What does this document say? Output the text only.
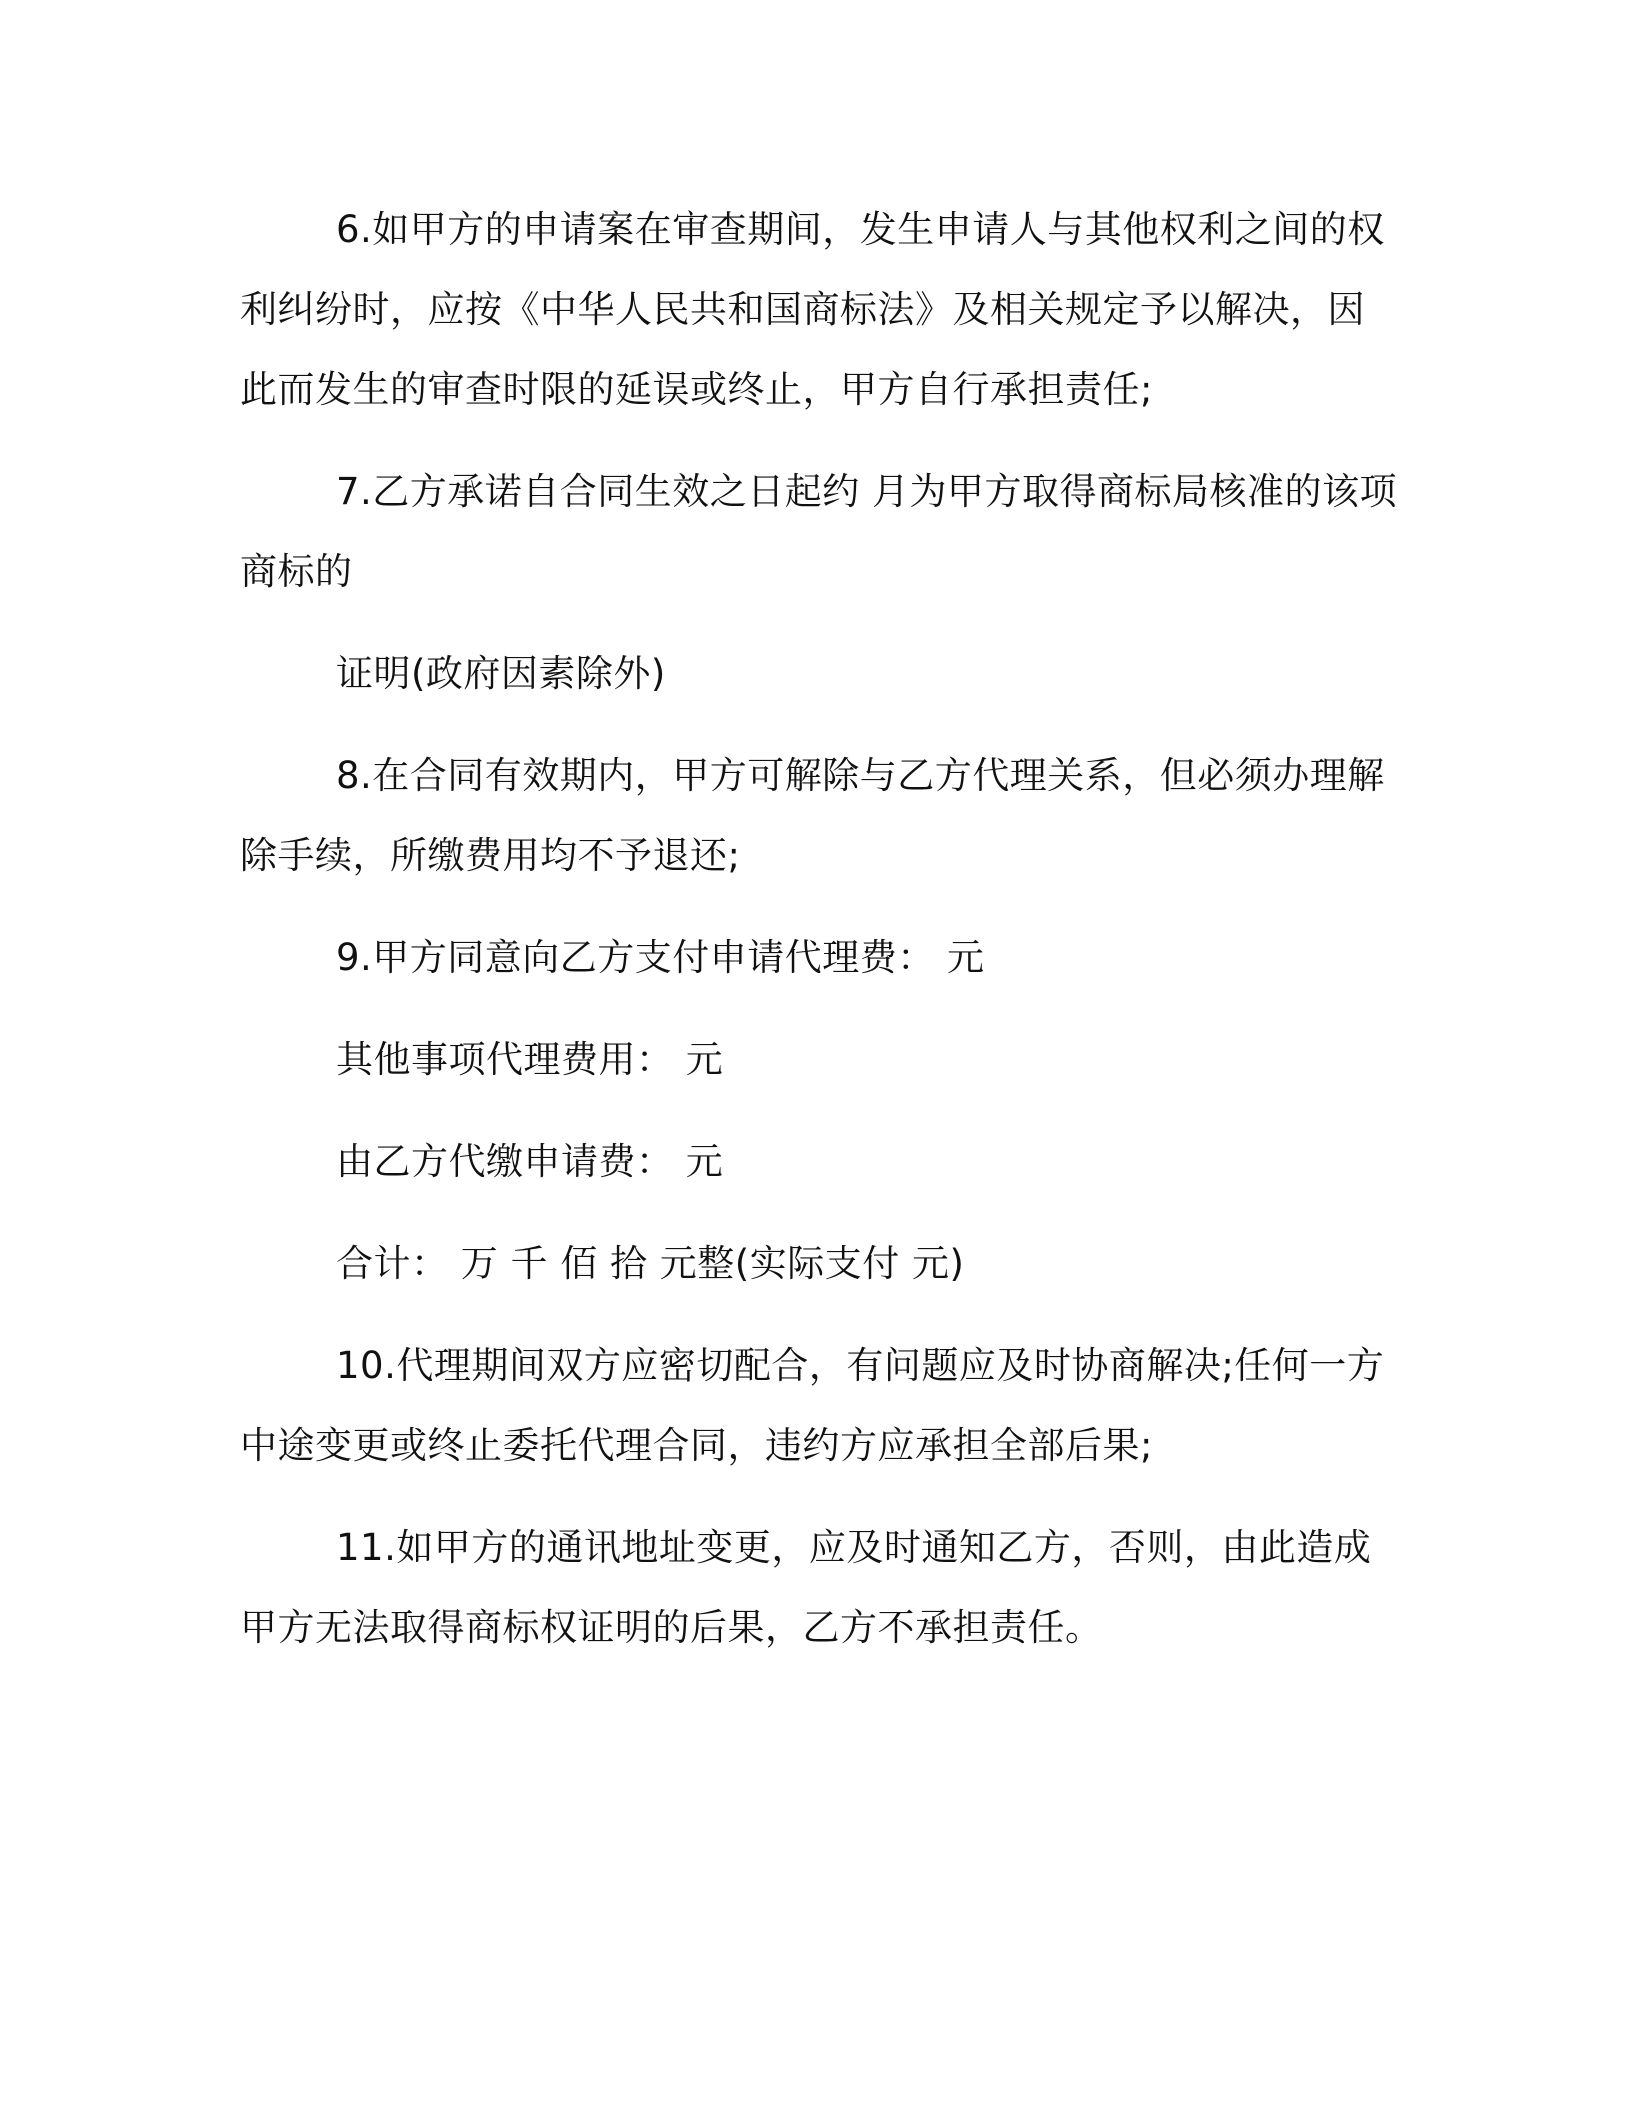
6.如甲方的申请案在审查期间，发生申请人与其他权利之间的权
利纠纷时，应按《中华人民共和国商标法》及相关规定予以解决，因
此而发生的审查时限的延误或终止，甲方自行承担责任;

7.乙方承诺自合同生效之日起约 月为甲方取得商标局核准的该项
商标的

证明(政府因素除外)

8.在合同有效期内，甲方可解除与乙方代理关系，但必须办理解
除手续，所缴费用均不予退还;

9.甲方同意向乙方支付申请代理费： 元

其他事项代理费用： 元

由乙方代缴申请费： 元

合计： 万 千 佰 拾 元整(实际支付 元)

10.代理期间双方应密切配合，有问题应及时协商解决;任何一方
中途变更或终止委托代理合同，违约方应承担全部后果;

11.如甲方的通讯地址变更，应及时通知乙方，否则，由此造成
甲方无法取得商标权证明的后果，乙方不承担责任。
